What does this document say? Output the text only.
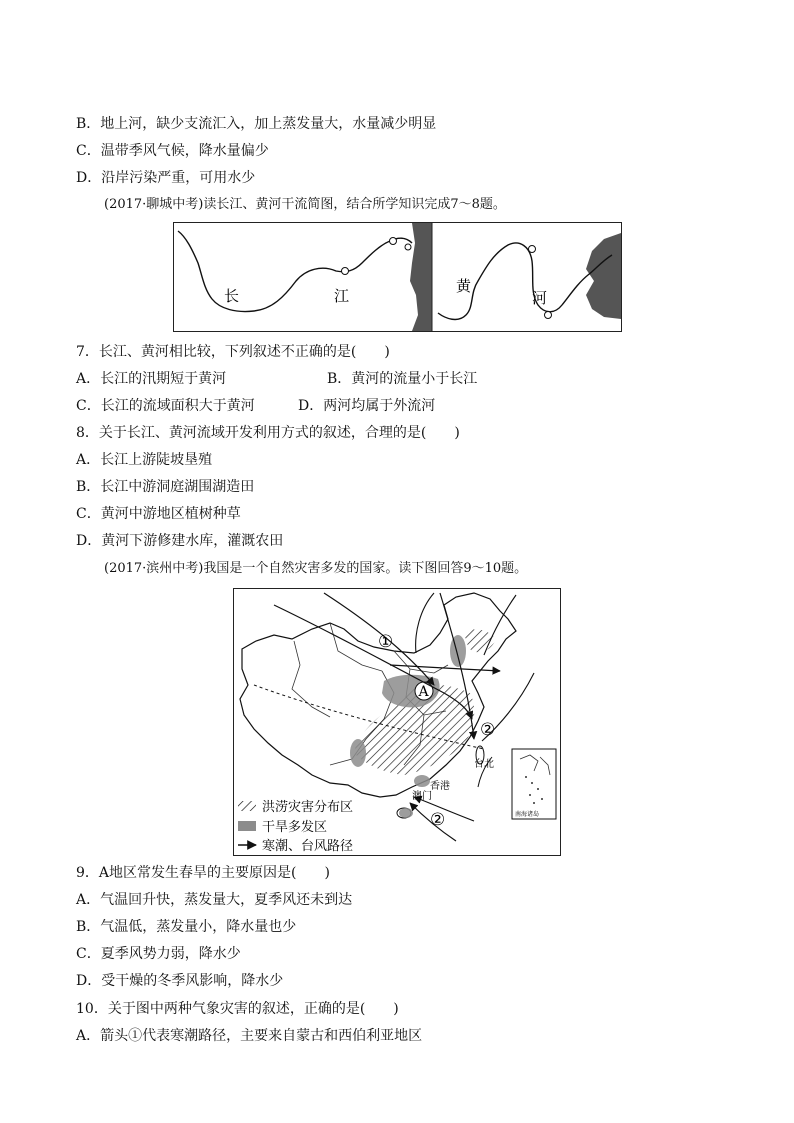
B．地上河，缺少支流汇入，加上蒸发量大，水量减少明显
C．温带季风气候，降水量偏少
D．沿岸污染严重，可用水少
(2017·聊城中考)读长江、黄河干流简图，结合所学知识完成7～8题。
长	江
黄
河
7．长江、黄河相比较，下列叙述不正确的是(　　)
A．长江的汛期短于黄河	B．黄河的流量小于长江
C．长江的流域面积大于黄河	D．两河均属于外流河
8．关于长江、黄河流域开发利用方式的叙述，合理的是(　　)
A．长江上游陡坡垦殖
B．长江中游洞庭湖围湖造田
C．黄河中游地区植树种草
D．黄河下游修建水库，灌溉农田
(2017·滨州中考)我国是一个自然灾害多发的国家。读下图回答9～10题。
A
①
②
②
台北
香港
澳门
南海诸岛
洪涝灾害分布区
干旱多发区
寒潮、台风路径
9．A地区常发生春旱的主要原因是(　　)
A．气温回升快，蒸发量大，夏季风还未到达
B．气温低，蒸发量小，降水量也少
C．夏季风势力弱，降水少
D．受干燥的冬季风影响，降水少
10．关于图中两种气象灾害的叙述，正确的是(　　)
A．箭头①代表寒潮路径，主要来自蒙古和西伯利亚地区
